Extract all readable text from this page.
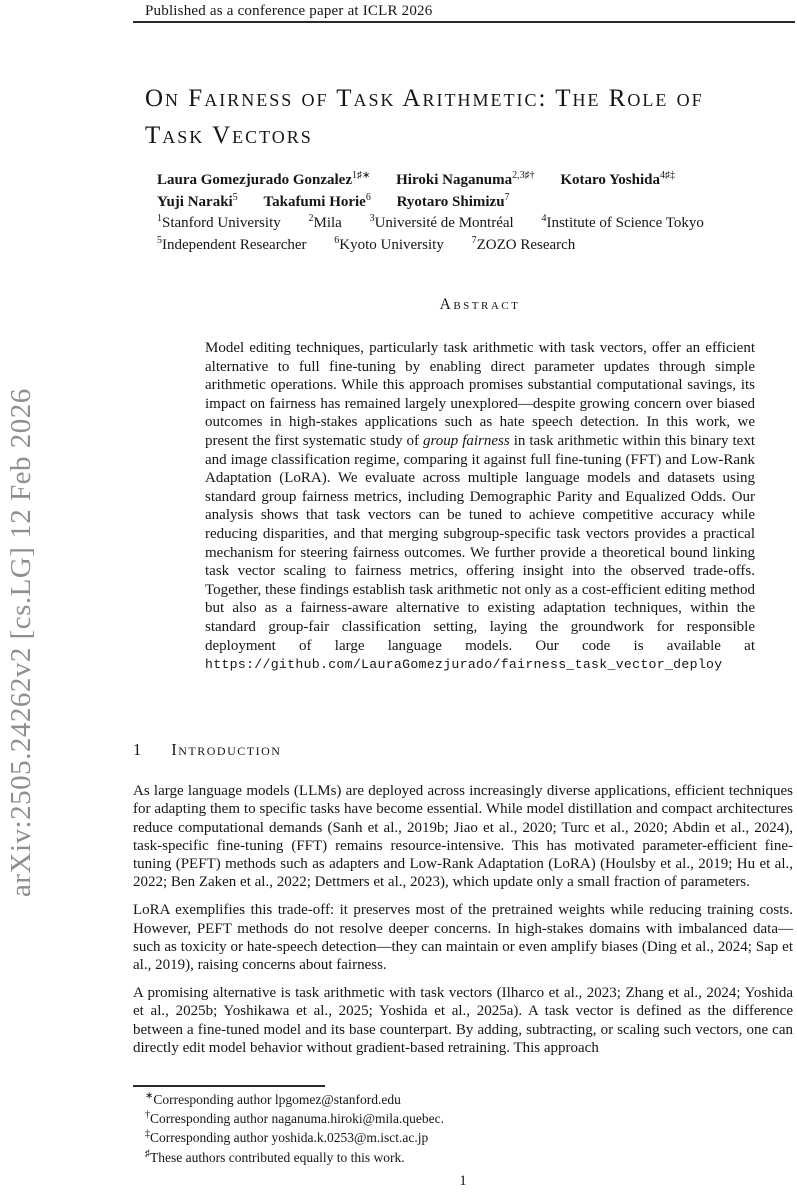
Published as a conference paper at ICLR 2026
arXiv:2505.24262v2 [cs.LG] 12 Feb 2026
On Fairness of Task Arithmetic: The Role of
Task Vectors
Laura Gomezjurado Gonzalez$^{1♯∗}$ Hiroki Naganuma$^{2,3♯\dagger}$ Kotaro Yoshida$^{4♯\ddagger}$
Yuji Naraki$^5$ Takafumi Horie$^6$ Ryotaro Shimizu$^7$
$^1$Stanford University	$^2$Mila	$^3$Université de Montréal	$^4$Institute of Science Tokyo
$^5$Independent Researcher	$^6$Kyoto University	$^7$ZOZO Research
Abstract
Model editing techniques, particularly task arithmetic with task vectors, offer an efficient alternative to full fine-tuning by enabling direct parameter updates through simple arithmetic operations. While this approach promises substantial computational savings, its impact on fairness has remained largely unexplored—despite growing concern over biased outcomes in high-stakes applications such as hate speech detection. In this work, we present the first systematic study of group fairness in task arithmetic within this binary text and image classification regime, comparing it against full fine-tuning (FFT) and Low-Rank Adaptation (LoRA). We evaluate across multiple language models and datasets using standard group fairness metrics, including Demographic Parity and Equalized Odds. Our analysis shows that task vectors can be tuned to achieve competitive accuracy while reducing disparities, and that merging subgroup-specific task vectors provides a practical mechanism for steering fairness outcomes. We further provide a theoretical bound linking task vector scaling to fairness metrics, offering insight into the observed trade-offs. Together, these findings establish task arithmetic not only as a cost-efficient editing method but also as a fairness-aware alternative to existing adaptation techniques, within the standard group-fair classification setting, laying the groundwork for responsible deployment of large language models. Our code is available at https://github.com/LauraGomezjurado/fairness_task_vector_deploy
1 Introduction

As large language models (LLMs) are deployed across increasingly diverse applications, efficient techniques for adapting them to specific tasks have become essential. While model distillation and compact architectures reduce computational demands (Sanh et al., 2019b; Jiao et al., 2020; Turc et al., 2020; Abdin et al., 2024), task-specific fine-tuning (FFT) remains resource-intensive. This has motivated parameter-efficient fine-tuning (PEFT) methods such as adapters and Low-Rank Adaptation (LoRA) (Houlsby et al., 2019; Hu et al., 2022; Ben Zaken et al., 2022; Dettmers et al., 2023), which update only a small fraction of parameters.

LoRA exemplifies this trade-off: it preserves most of the pretrained weights while reducing training costs. However, PEFT methods do not resolve deeper concerns. In high-stakes domains with imbalanced data—such as toxicity or hate-speech detection—they can maintain or even amplify biases (Ding et al., 2024; Sap et al., 2019), raising concerns about fairness.

A promising alternative is task arithmetic with task vectors (Ilharco et al., 2023; Zhang et al., 2024; Yoshida et al., 2025b; Yoshikawa et al., 2025; Yoshida et al., 2025a). A task vector is defined as the difference between a fine-tuned model and its base counterpart. By adding, subtracting, or scaling such vectors, one can directly edit model behavior without gradient-based retraining. This approach

∗Corresponding author lpgomez@stanford.edu
†Corresponding author naganuma.hiroki@mila.quebec.
‡Corresponding author yoshida.k.0253@m.isct.ac.jp
♯These authors contributed equally to this work.
1
